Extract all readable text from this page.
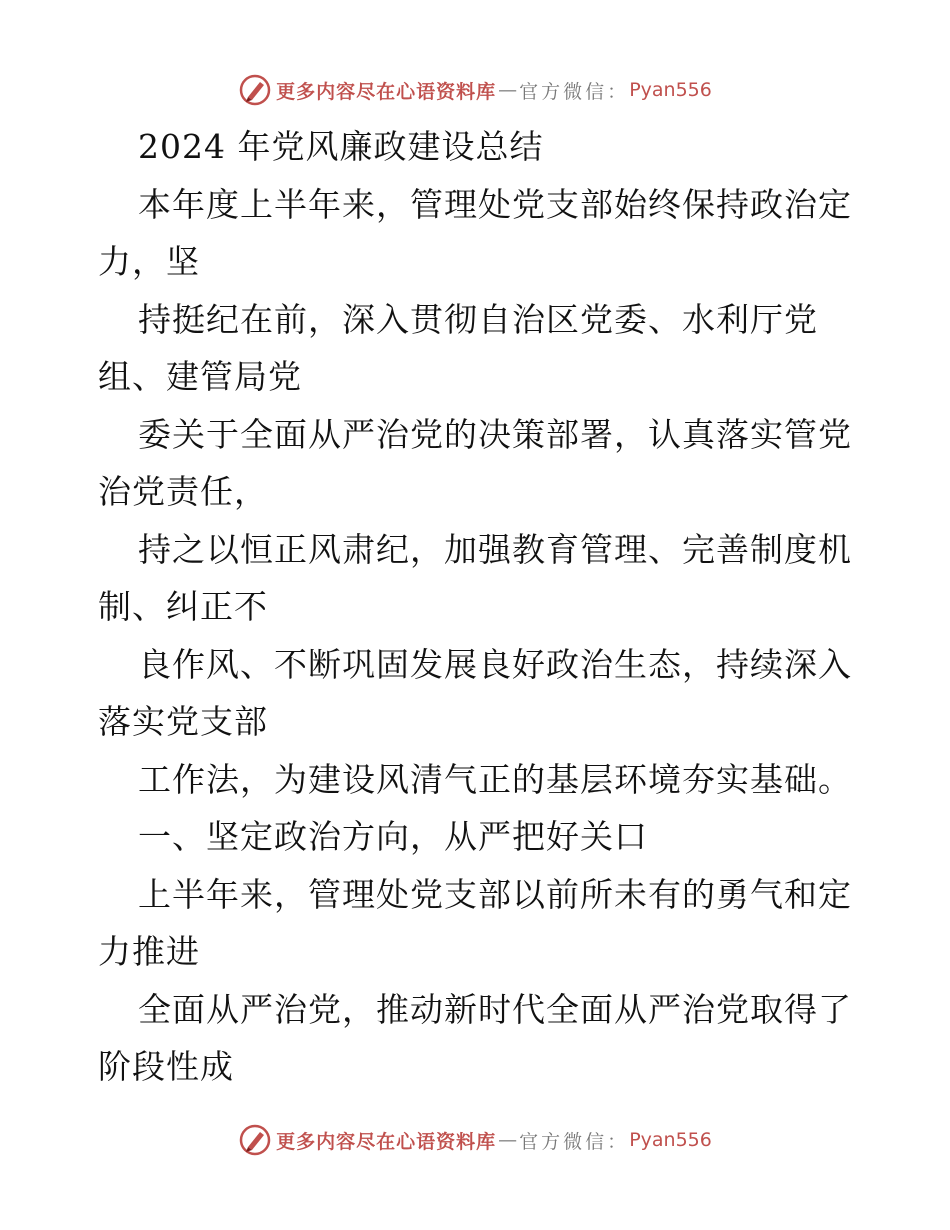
更多内容尽在心语资料库 — 官方微信： Pyan556
2024 年党风廉政建设总结
本年度上半年来，管理处党支部始终保持政治定
力，坚
持挺纪在前，深入贯彻自治区党委、水利厅党
组、建管局党
委关于全面从严治党的决策部署，认真落实管党
治党责任，
持之以恒正风肃纪，加强教育管理、完善制度机
制、纠正不
良作风、不断巩固发展良好政治生态，持续深入
落实党支部
工作法，为建设风清气正的基层环境夯实基础。
一、坚定政治方向，从严把好关口
上半年来，管理处党支部以前所未有的勇气和定
力推进
全面从严治党，推动新时代全面从严治党取得了
阶段性成
更多内容尽在心语资料库 — 官方微信： Pyan556
